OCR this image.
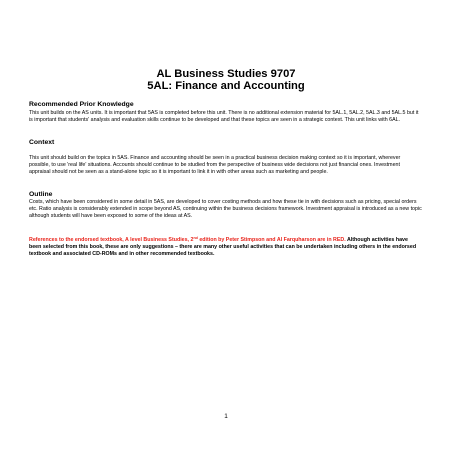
AL Business Studies 9707
5AL: Finance and Accounting
Recommended Prior Knowledge
This unit builds on the AS units. It is important that 5AS is completed before this unit. There is no additional extension material for 5AL.1, 5AL.2, 5AL.3 and 5AL.5 but it
is important that students' analysis and evaluation skills continue to be developed and that these topics are seen in a strategic context. This unit links with 6AL.
Context
This unit should build on the topics in 5AS. Finance and accounting should be seen in a practical business decision making context so it is important, wherever
possible, to use 'real life' situations. Accounts should continue to be studied from the perspective of business wide decisions not just financial ones. Investment
appraisal should not be seen as a stand-alone topic so it is important to link it in with other areas such as marketing and people.
Outline
Costs, which have been considered in some detail in 5AS, are developed to cover costing methods and how these tie in with decisions such as pricing, special orders
etc. Ratio analysis is considerably extended in scope beyond AS, continuing within the business decisions framework. Investment appraisal is introduced as a new topic
although students will have been exposed to some of the ideas at AS.
References to the endorsed textbook, A level Business Studies, 2nd edition by Peter Stimpson and Al Farquharson are in RED. Although activities have
been selected from this book, these are only suggestions – there are many other useful activities that can be undertaken including others in the endorsed
textbook and associated CD-ROMs and in other recommended textbooks.
1
